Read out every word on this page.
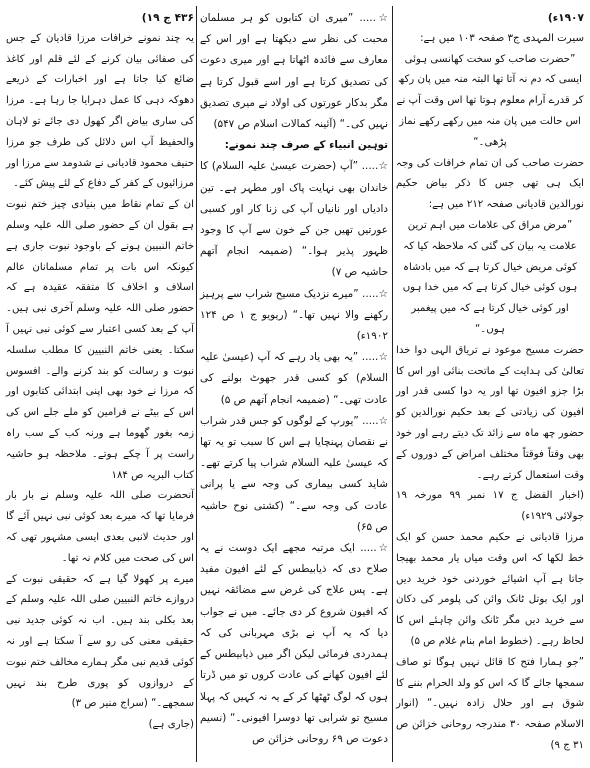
۱۹۰۷ء)

سیرت المہدی ج۳ صفحہ ۱۰۳ میں ہے:

”حضرت صاحب کو سخت کھانسی ہوئی ایسی کہ دم نہ آتا تھا البتہ منہ میں پان رکھ کر قدرے آرام معلوم ہوتا تھا اس وقت آپ نے اس حالت میں پان منہ میں رکھے رکھے نماز پڑھی۔“

حضرت صاحب کی ان تمام خرافات کی وجہ ایک ہی تھی جس کا ذکر بیاض حکیم نورالدین قادیانی صفحہ ۲۱۲ میں ہے:

”مرض مراق کی علامات میں اہم ترین علامت یہ بیان کی گئی کہ ملاحظہ کیا کہ کوئی مریض خیال کرتا ہے کہ میں بادشاہ ہوں کوئی خیال کرتا ہے کہ میں خدا ہوں اور کوئی خیال کرتا ہے کہ میں پیغمبر ہوں۔“

حضرت مسیح موعود نے تریاق الہی دوا خدا تعالیٰ کی ہدایت کے ماتحت بنائی اور اس کا بڑا جزو افیون تھا اور یہ دوا کسی قدر اور افیون کی زیادتی کے بعد حکیم نورالدین کو حضور چھ ماہ سے زائد تک دیتے رہے اور خود بھی وقتاً فوقتاً مختلف امراض کے دوروں کے وقت استعمال کرتے رہے۔

(اخبار الفضل ج ۱۷ نمبر ۹۹ مورخہ ۱۹ جولائی ۱۹۲۹ء)

مرزا قادیانی نے حکیم محمد حسن کو ایک خط لکھا کہ اس وقت میاں یار محمد بھیجا جاتا ہے آپ اشیائے خوردنی خود خرید دیں اور ایک بوتل ٹانک وائن کی پلومر کی دکان سے خرید دیں مگر ٹانک وائن چاہئے اس کا لحاظ رہے۔ (خطوط امام بنام غلام ص ۵)

”جو ہمارا فتح کا قائل نہیں ہوگا تو صاف سمجھا جائے گا کہ اس کو ولد الحرام بننے کا شوق ہے اور حلال زادہ نہیں۔“ (انوار الاسلام صفحہ ۳۰ مندرجہ روحانی خزائن ص ۳۱ ج ۹)

☆..... ”میری ان کتابوں کو ہر مسلمان محبت کی نظر سے دیکھتا ہے اور اس کے معارف سے فائدہ اٹھاتا ہے اور میری دعوت کی تصدیق کرتا ہے اور اسے قبول کرتا ہے مگر بدکار عورتوں کی اولاد نے میری تصدیق نہیں کی۔“ (آئینہ کمالات اسلام ص ۵۴۷)

توہین انبیاء کے صرف چند نمونے:

☆..... ”آپ (حضرت عیسیٰ علیہ السلام) کا خاندان بھی نہایت پاک اور مطہر ہے۔ تین دادیاں اور نانیاں آپ کی زنا کار اور کسبی عورتیں تھیں جن کے خون سے آپ کا وجود ظہور پذیر ہوا۔“ (ضمیمہ انجام آتھم حاشیہ ص ۷)

☆..... ”میرے نزدیک مسیح شراب سے پرہیز رکھنے والا نہیں تھا۔“ (ریویو ج ۱ ص ۱۲۴ ۱۹۰۲ء)

☆..... ”یہ بھی یاد رہے کہ آپ (عیسیٰ علیہ السلام) کو کسی قدر جھوٹ بولنے کی عادت تھی۔“ (ضمیمہ انجام آتھم ص ۵)

☆..... ”یورپ کے لوگوں کو جس قدر شراب نے نقصان پہنچایا ہے اس کا سبب تو یہ تھا کہ عیسیٰ علیہ السلام شراب پیا کرتے تھے۔ شاید کسی بیماری کی وجہ سے یا پرانی عادت کی وجہ سے۔“ (کشتی نوح حاشیہ ص ۶۵)

☆..... ایک مرتبہ مجھے ایک دوست نے یہ صلاح دی کہ ذیابیطس کے لئے افیون مفید ہے۔ پس علاج کی غرض سے مضائقہ نہیں کہ افیون شروع کر دی جائے۔ میں نے جواب دیا کہ یہ آپ نے بڑی مہربانی کی کہ ہمدردی فرمائی لیکن اگر میں ذیابیطس کے لئے افیون کھانے کی عادت کروں تو میں ڈرتا ہوں کہ لوگ ٹھٹھا کر کے یہ نہ کہیں کہ پہلا مسیح تو شرابی تھا دوسرا افیونی۔“ (نسیم دعوت ص ۶۹ روحانی خزائن ص

۴۳۶ ج ۱۹)

یہ چند نمونے خرافات مرزا قادیان کے جس کی صفائی بیان کرنے کے لئے قلم اور کاغذ ضائع کیا جاتا ہے اور اخبارات کے ذریعے دھوکہ دہی کا عمل دہرایا جا رہا ہے۔ مرزا کی ساری بیاض اگر کھول دی جائے تو لاہان والحفیظ آپ اس دلائل کی طرف جو مرزا حنیف محمود قادیانی نے شدومد سے مرزا اور مرزائیوں کے کفر کے دفاع کے لئے پیش کئے۔

ان کے تمام نقاط میں بنیادی چیز ختم نبوت ہے بقول ان کے حضور صلی اللہ علیہ وسلم خاتم النبیین ہونے کے باوجود نبوت جاری ہے کیونکہ اس بات پر تمام مسلمانان عالم اسلاف و اخلاف کا متفقہ عقیدہ ہے کہ حضور صلی اللہ علیہ وسلم آخری نبی ہیں۔ آپ کے بعد کسی اعتبار سے کوئی نبی نہیں آ سکتا۔ یعنی خاتم النبیین کا مطلب سلسلہ نبوت و رسالت کو بند کرنے والے۔ افسوس کہ مرزا نے خود بھی اپنی ابتدائی کتابوں اور اس کے بیٹے نے فرامین کو ملے جلے اس کی زمہ بغور گھوما ہے ورنہ کب کے سب راہ راست پر آ چکے ہوتے۔ ملاحظہ ہو حاشیہ کتاب البریہ ص ۱۸۴

آنحضرت صلی اللہ علیہ وسلم نے بار بار فرمایا تھا کہ میرے بعد کوئی نبی نہیں آئے گا اور حدیث لانبی بعدی ایسی مشہور تھی کہ اس کی صحت میں کلام نہ تھا۔

میرے پر کھولا گیا ہے کہ حقیقی نبوت کے دروازے خاتم النبیین صلی اللہ علیہ وسلم کے بعد بکلی بند ہیں۔ اب نہ کوئی جدید نبی حقیقی معنی کی رو سے آ سکتا ہے اور نہ کوئی قدیم نبی مگر ہمارے مخالف ختم نبوت کے دروازوں کو پوری طرح بند نہیں سمجھے۔“ (سراج منیر ص ۳)

(جاری ہے)
